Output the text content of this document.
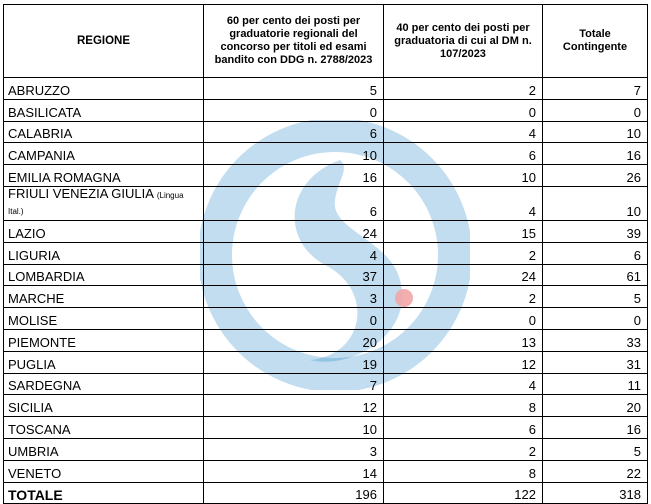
REGIONE	60 per cento dei posti per graduatorie regionali del concorso per titoli ed esami bandito con DDG n. 2788/2023	40 per cento dei posti per graduatoria di cui al DM n. 107/2023	Totale Contingente
ABRUZZO	5	2	7
BASILICATA	0	0	0
CALABRIA	6	4	10
CAMPANIA	10	6	16
EMILIA ROMAGNA	16	10	26
FRIULI VENEZIA GIULIA (Lingua Ital.)	6	4	10
LAZIO	24	15	39
LIGURIA	4	2	6
LOMBARDIA	37	24	61
MARCHE	3	2	5
MOLISE	0	0	0
PIEMONTE	20	13	33
PUGLIA	19	12	31
SARDEGNA	7	4	11
SICILIA	12	8	20
TOSCANA	10	6	16
UMBRIA	3	2	5
VENETO	14	8	22
TOTALE	196	122	318
